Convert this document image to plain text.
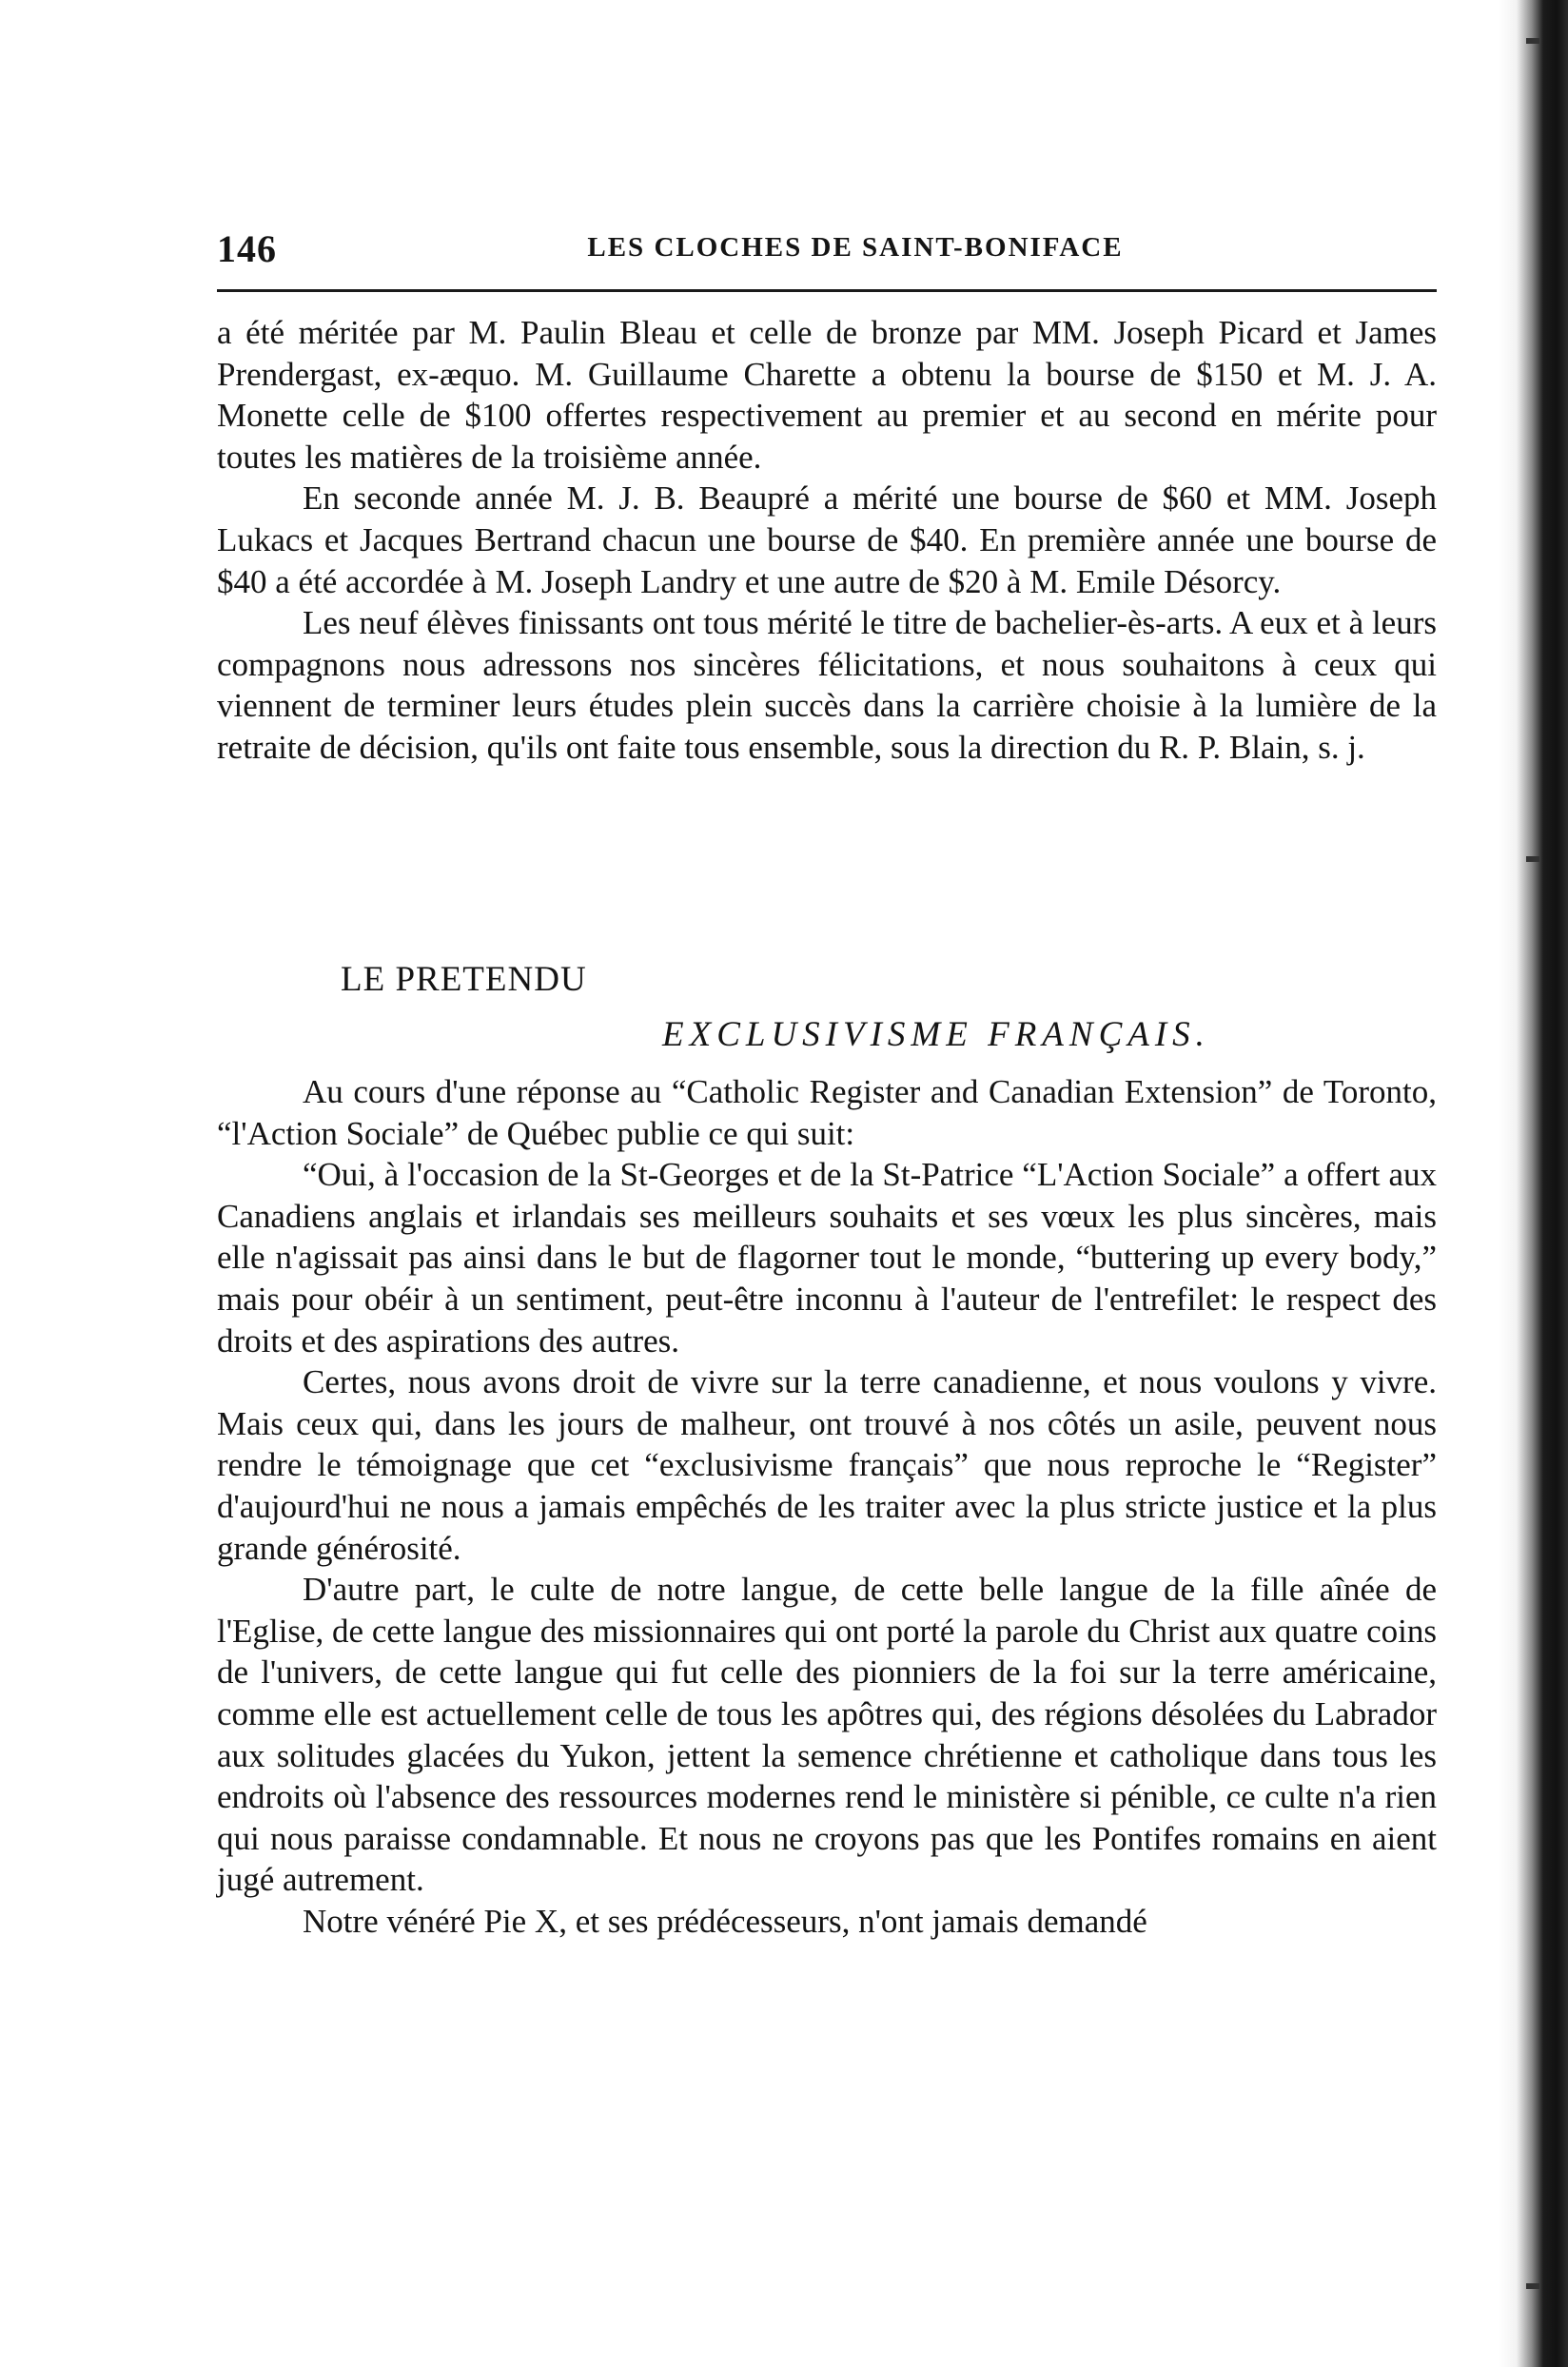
146	LES CLOCHES DE SAINT-BONIFACE

a été méritée par M. Paulin Bleau et celle de bronze par MM. Joseph Picard et James Prendergast, ex-æquo. M. Guillaume Charette a obtenu la bourse de $150 et M. J. A. Monette celle de $100 offertes respectivement au premier et au second en mérite pour toutes les matières de la troisième année.

En seconde année M. J. B. Beaupré a mérité une bourse de $60 et MM. Joseph Lukacs et Jacques Bertrand chacun une bourse de $40. En première année une bourse de $40 a été accordée à M. Joseph Landry et une autre de $20 à M. Emile Désorcy.

Les neuf élèves finissants ont tous mérité le titre de bachelier-ès-arts. A eux et à leurs compagnons nous adressons nos sincères félicitations, et nous souhaitons à ceux qui viennent de terminer leurs études plein succès dans la carrière choisie à la lumière de la retraite de décision, qu'ils ont faite tous ensemble, sous la direction du R. P. Blain, s. j.

LE PRETENDU
EXCLUSIVISME FRANÇAIS.

Au cours d'une réponse au “Catholic Register and Canadian Extension” de Toronto, “l'Action Sociale” de Québec publie ce qui suit:

“Oui, à l'occasion de la St-Georges et de la St-Patrice “L'Action Sociale” a offert aux Canadiens anglais et irlandais ses meilleurs souhaits et ses vœux les plus sincères, mais elle n'agissait pas ainsi dans le but de flagorner tout le monde, “buttering up every body,” mais pour obéir à un sentiment, peut-être inconnu à l'auteur de l'entrefilet: le respect des droits et des aspirations des autres.

Certes, nous avons droit de vivre sur la terre canadienne, et nous voulons y vivre. Mais ceux qui, dans les jours de malheur, ont trouvé à nos côtés un asile, peuvent nous rendre le témoignage que cet “exclusivisme français” que nous reproche le “Register” d'aujourd'hui ne nous a jamais empêchés de les traiter avec la plus stricte justice et la plus grande générosité.

D'autre part, le culte de notre langue, de cette belle langue de la fille aînée de l'Eglise, de cette langue des missionnaires qui ont porté la parole du Christ aux quatre coins de l'univers, de cette langue qui fut celle des pionniers de la foi sur la terre américaine, comme elle est actuellement celle de tous les apôtres qui, des régions désolées du Labrador aux solitudes glacées du Yukon, jettent la semence chrétienne et catholique dans tous les endroits où l'absence des ressources modernes rend le ministère si pénible, ce culte n'a rien qui nous paraisse condamnable. Et nous ne croyons pas que les Pontifes romains en aient jugé autrement.

Notre vénéré Pie X, et ses prédécesseurs, n'ont jamais demandé
